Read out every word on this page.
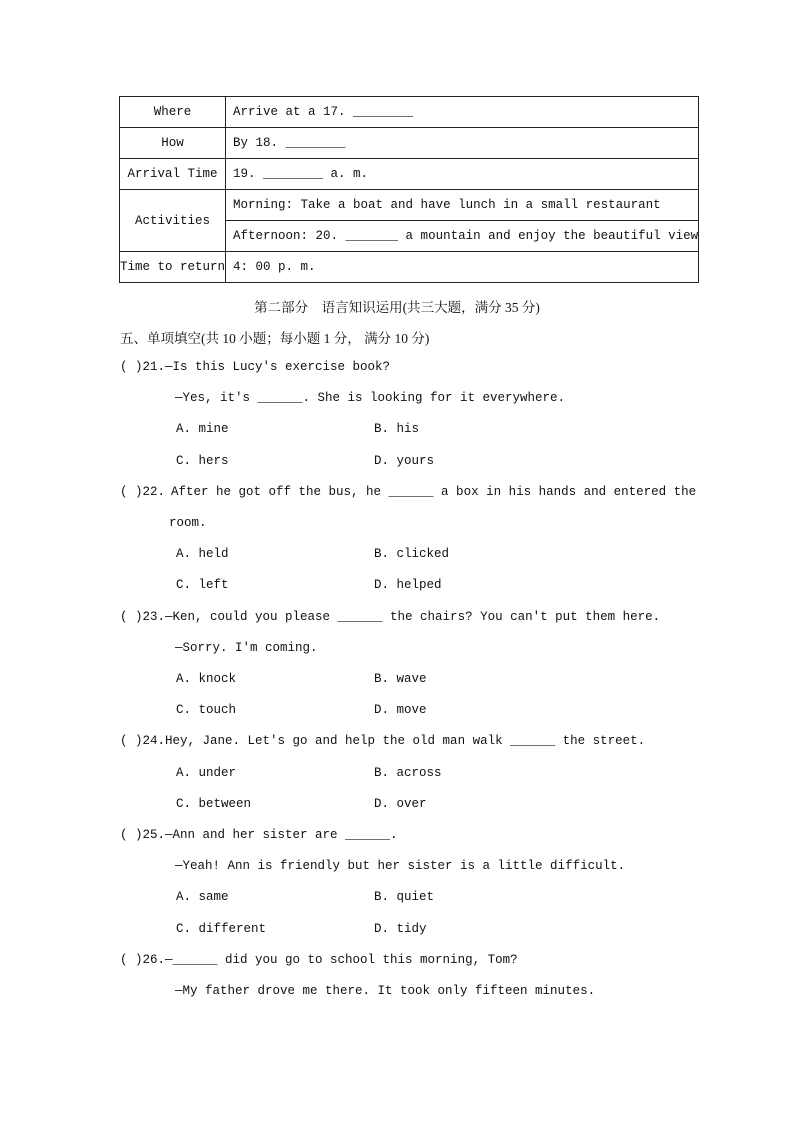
Where	Arrive at a 17. ________
How	By 18. ________
Arrival Time	19. ________ a. m.
Activities	Morning: Take a boat and have lunch in a small restaurant
	Afternoon: 20. _______ a mountain and enjoy the beautiful view
Time to return	4: 00 p. m.
第二部分　语言知识运用(共三大题，满分 35 分)
五、单项填空(共 10 小题；每小题 1 分， 满分 10 分)
( )21.—Is this Lucy's exercise book?
—Yes, it's ______. She is looking for it everywhere.
A. mine	B. his
C. hers	D. yours
( )22. After he got off the bus, he ______ a box in his hands and entered the
room.
A. held	B. clicked
C. left	D. helped
( )23.—Ken, could you please ______ the chairs? You can't put them here.
—Sorry. I'm coming.
A. knock	B. wave
C. touch	D. move
( )24.Hey, Jane. Let's go and help the old man walk ______ the street.
A. under	B. across
C. between	D. over
( )25.—Ann and her sister are ______.
—Yeah! Ann is friendly but her sister is a little difficult.
A. same	B. quiet
C. different	D. tidy
( )26.—______ did you go to school this morning, Tom?
—My father drove me there. It took only fifteen minutes.
